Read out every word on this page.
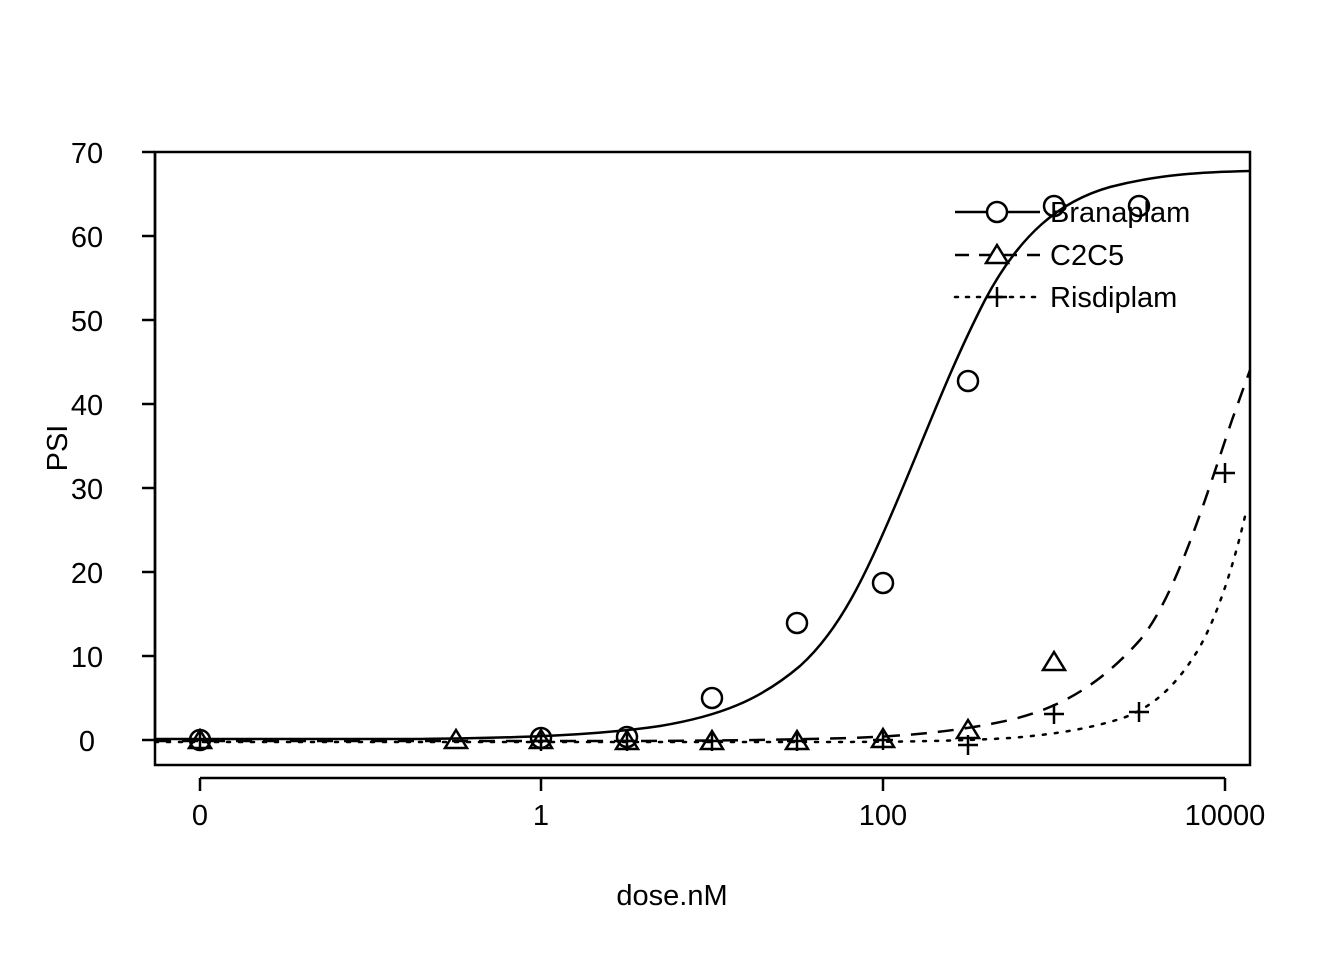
0
10
20
30
40
50
60
70
0	1	100	10000
dose.nM
PSI
Branaplam
C2C5
Risdiplam
